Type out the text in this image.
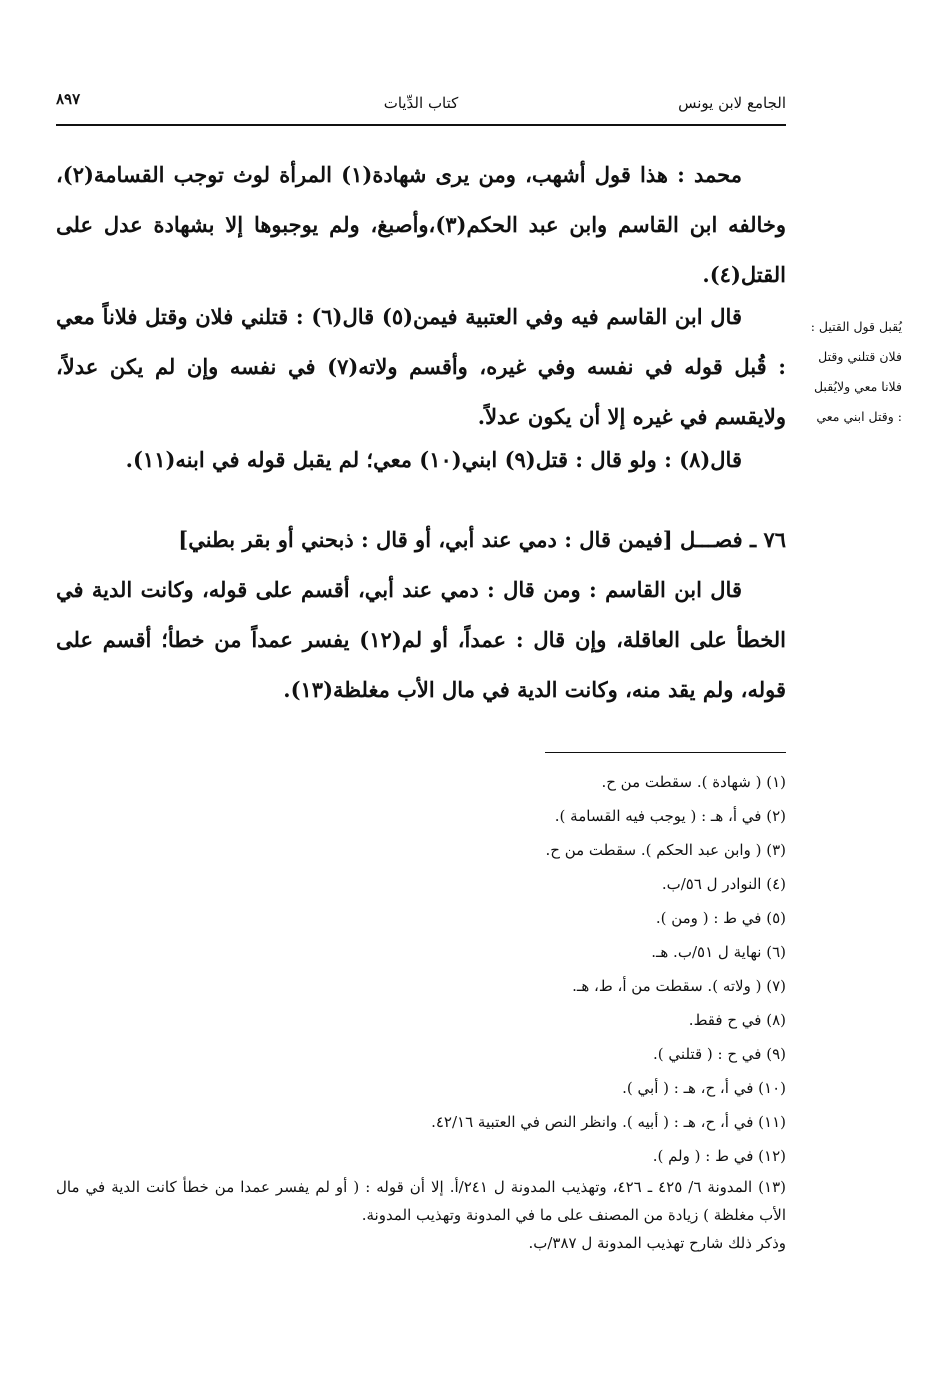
الجامع لابن يونس
كتاب الدِّيات
٨٩٧

محمد : هذا قول أشهب، ومن يرى شهادة(١) المرأة لوث توجب القسامة(٢)، وخالفه ابن القاسم وابن عبد الحكم(٣)،وأصبغ، ولم يوجبوها إلا بشهادة عدل على القتل(٤).

قال ابن القاسم فيه وفي العتبية فيمن(٥) قال(٦) : قتلني فلان وقتل فلاناً معي : قُبل قوله في نفسه وفي غيره، وأقسم ولاته(٧) في نفسه وإن لم يكن عدلاً، ولايقسم في غيره إلا أن يكون عدلاً.

قال(٨) : ولو قال : قتل(٩) ابني(١٠) معي؛ لم يقبل قوله في ابنه(١١).

٧٦ ـ فصـــل [فيمن قال : دمي عند أبي، أو قال : ذبحني أو بقر بطني]

قال ابن القاسم : ومن قال : دمي عند أبي، أقسم على قوله، وكانت الدية في الخطأ على العاقلة، وإن قال : عمداً، أو لم(١٢) يفسر عمداً من خطأ؛ أقسم على قوله، ولم يقد منه، وكانت الدية في مال الأب مغلظة(١٣).

يُقبل قول القتيل :
فلان قتلني وقتل
فلانا معي ولايُقبل
: وقتل ابني معي

(١) ( شهادة ). سقطت من ح.

(٢) في أ، هـ : ( يوجب فيه القسامة ).

(٣) ( وابن عبد الحكم ). سقطت من ح.

(٤) النوادر ل ٥٦/ب.

(٥) في ط : ( ومن ).

(٦) نهاية ل ٥١/ب. هـ.

(٧) ( ولاته ). سقطت من أ، ط، هـ.

(٨) في ح فقط.

(٩) في ح : ( قتلني ).

(١٠) في أ، ح، هـ : ( أبي ).

(١١) في أ، ح، هـ : ( أبيه ). وانظر النص في العتبية ٤٢/١٦.

(١٢) في ط : ( ولم ).

(١٣) المدونة ٦/ ٤٢٥ ـ ٤٢٦، وتهذيب المدونة ل ٢٤١/أ. إلا أن قوله : ( أو لم يفسر عمدا من خطأ كانت الدية في مال الأب مغلظة ) زيادة من المصنف على ما في المدونة وتهذيب المدونة.

وذكر ذلك شارح تهذيب المدونة ل ٣٨٧/ب.
